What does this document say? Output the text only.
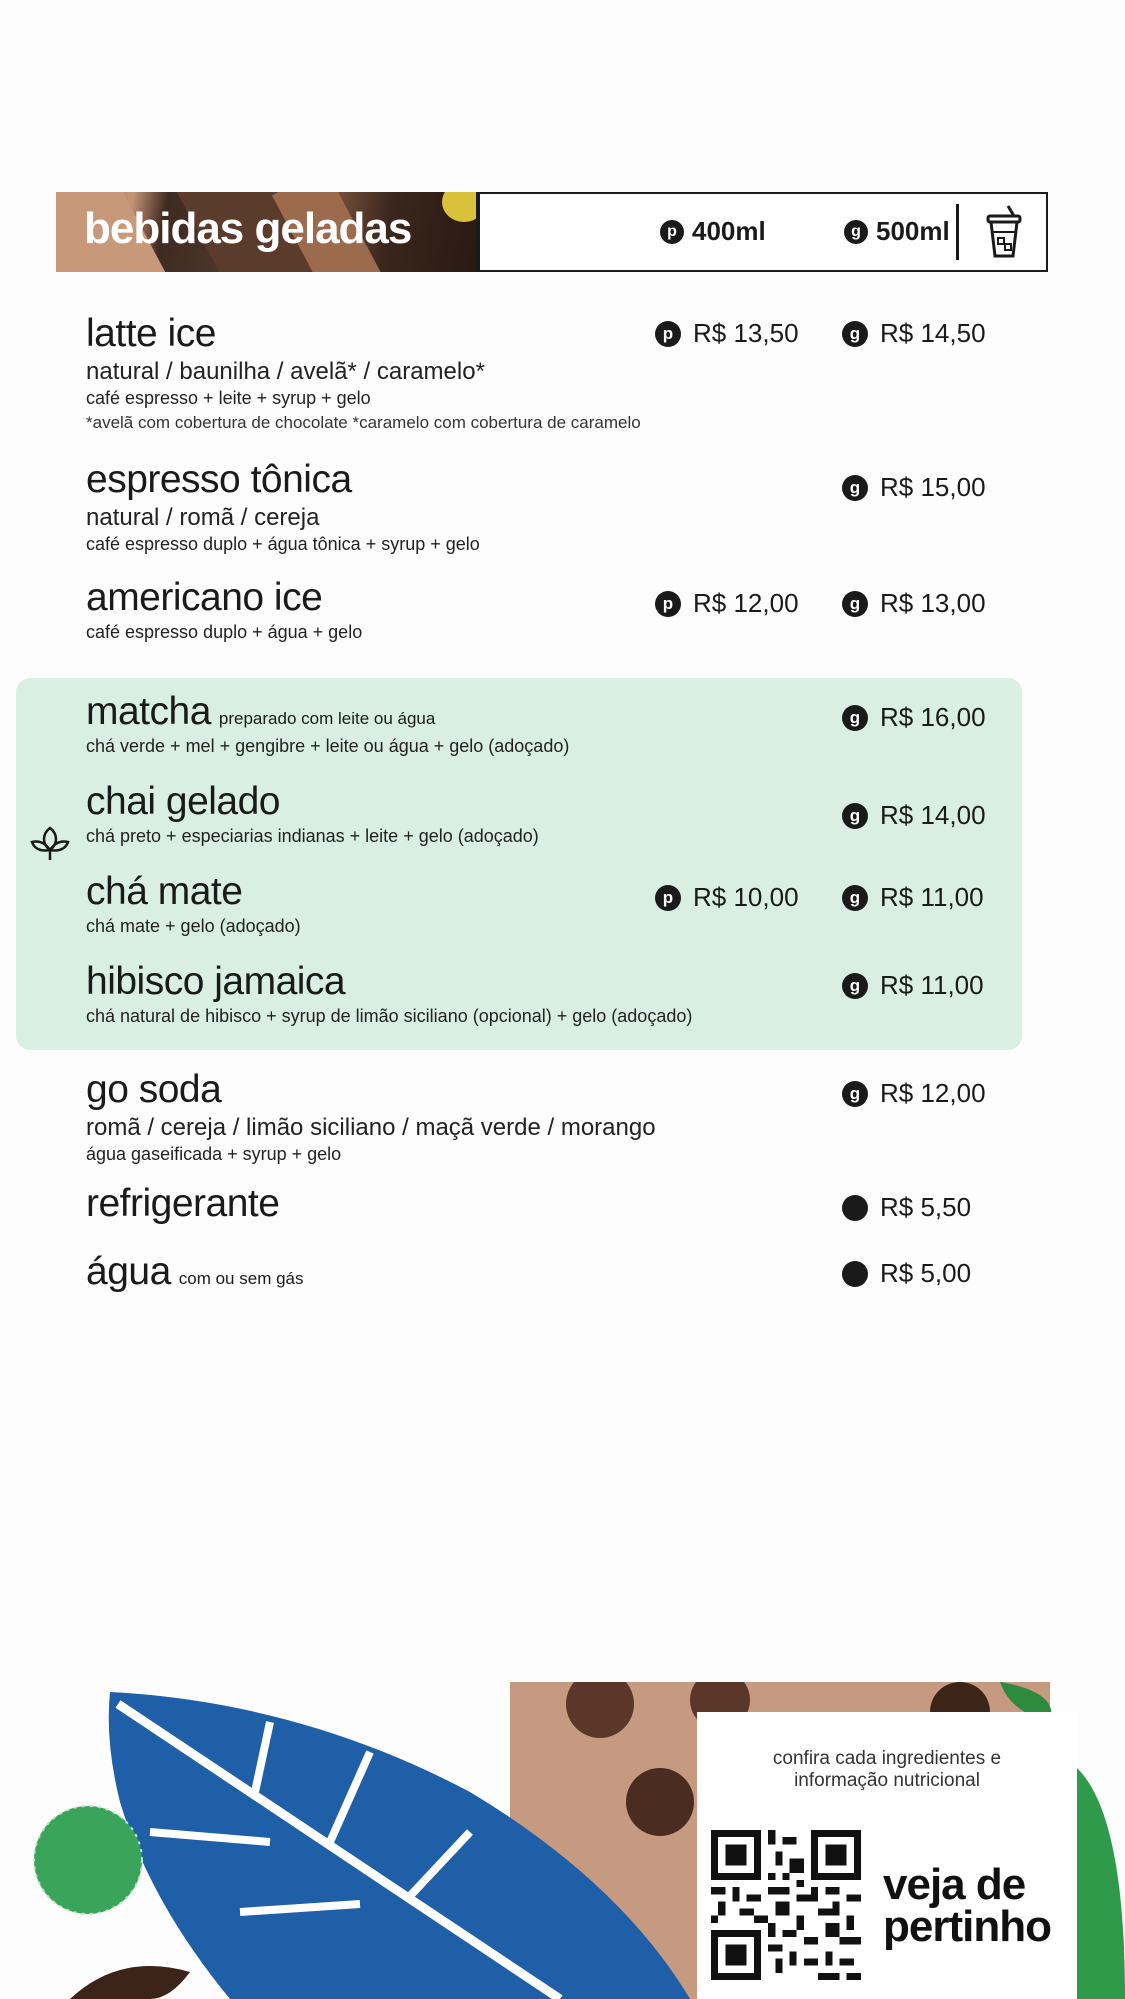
bebidas geladas	p 400ml	g 500ml
latte ice
natural / baunilha / avelã* / caramelo*
café espresso + leite + syrup + gelo
*avelã com cobertura de chocolate *caramelo com cobertura de caramelo
p R$ 13,50	g R$ 14,50
espresso tônica
natural / romã / cereja
café espresso duplo + água tônica + syrup + gelo
g R$ 15,00
americano ice
café espresso duplo + água + gelo
p R$ 12,00	g R$ 13,00
matcha preparado com leite ou água
chá verde + mel + gengibre + leite ou água + gelo (adoçado)
g R$ 16,00
chai gelado
chá preto + especiarias indianas + leite + gelo (adoçado)
g R$ 14,00
chá mate
chá mate + gelo (adoçado)
p R$ 10,00	g R$ 11,00
hibisco jamaica
chá natural de hibisco + syrup de limão siciliano (opcional) + gelo (adoçado)
g R$ 11,00
go soda
romã / cereja / limão siciliano / maçã verde / morango
água gaseificada + syrup + gelo
g R$ 12,00
refrigerante	R$ 5,50
água com ou sem gás	R$ 5,00
confira cada ingredientes e
informação nutricional
veja de
pertinho
